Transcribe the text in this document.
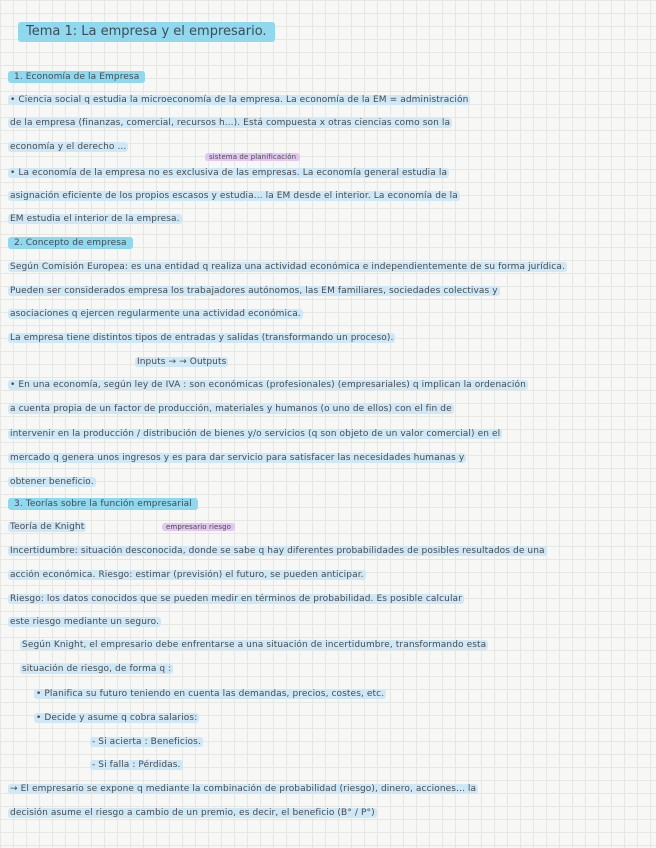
Tema 1: La empresa y el empresario.
1. Economía de la Empresa
• Ciencia social q estudia la microeconomía de la empresa. La economía de la EM = administración
de la empresa (finanzas, comercial, recursos h...). Está compuesta x otras ciencias como son la
economía y el derecho ...
sistema de planificación
• La economía de la empresa no es exclusiva de las empresas. La economía general estudia la
asignación eficiente de los propios escasos y estudia... la EM desde el interior. La economía de la
EM estudia el interior de la empresa.
2. Concepto de empresa
Según Comisión Europea: es una entidad q realiza una actividad económica e independientemente de su forma jurídica.
Pueden ser considerados empresa los trabajadores autónomos, las EM familiares, sociedades colectivas y
asociaciones q ejercen regularmente una actividad económica.
La empresa tiene distintos tipos de entradas y salidas (transformando un proceso).
Inputs → → Outputs
• En una economía, según ley de IVA : son económicas (profesionales) (empresariales) q implican la ordenación
a cuenta propia de un factor de producción, materiales y humanos (o uno de ellos) con el fin de
intervenir en la producción / distribución de bienes y/o servicios (q son objeto de un valor comercial) en el
mercado q genera unos ingresos y es para dar servicio para satisfacer las necesidades humanas y
obtener beneficio.
3. Teorías sobre la función empresarial
Teoría de Knight	empresario riesgo
Incertidumbre: situación desconocida, donde se sabe q hay diferentes probabilidades de posibles resultados de una
acción económica. Riesgo: estimar (previsión) el futuro, se pueden anticipar.
Riesgo: los datos conocidos que se pueden medir en términos de probabilidad. Es posible calcular
este riesgo mediante un seguro.
Según Knight, el empresario debe enfrentarse a una situación de incertidumbre, transformando esta
situación de riesgo, de forma q :
• Planifica su futuro teniendo en cuenta las demandas, precios, costes, etc.
• Decide y asume q cobra salarios:
- Si acierta : Beneficios.
- Si falla : Pérdidas.
→ El empresario se expone q mediante la combinación de probabilidad (riesgo), dinero, acciones... la
decisión asume el riesgo a cambio de un premio, es decir, el beneficio (B° / P°)
